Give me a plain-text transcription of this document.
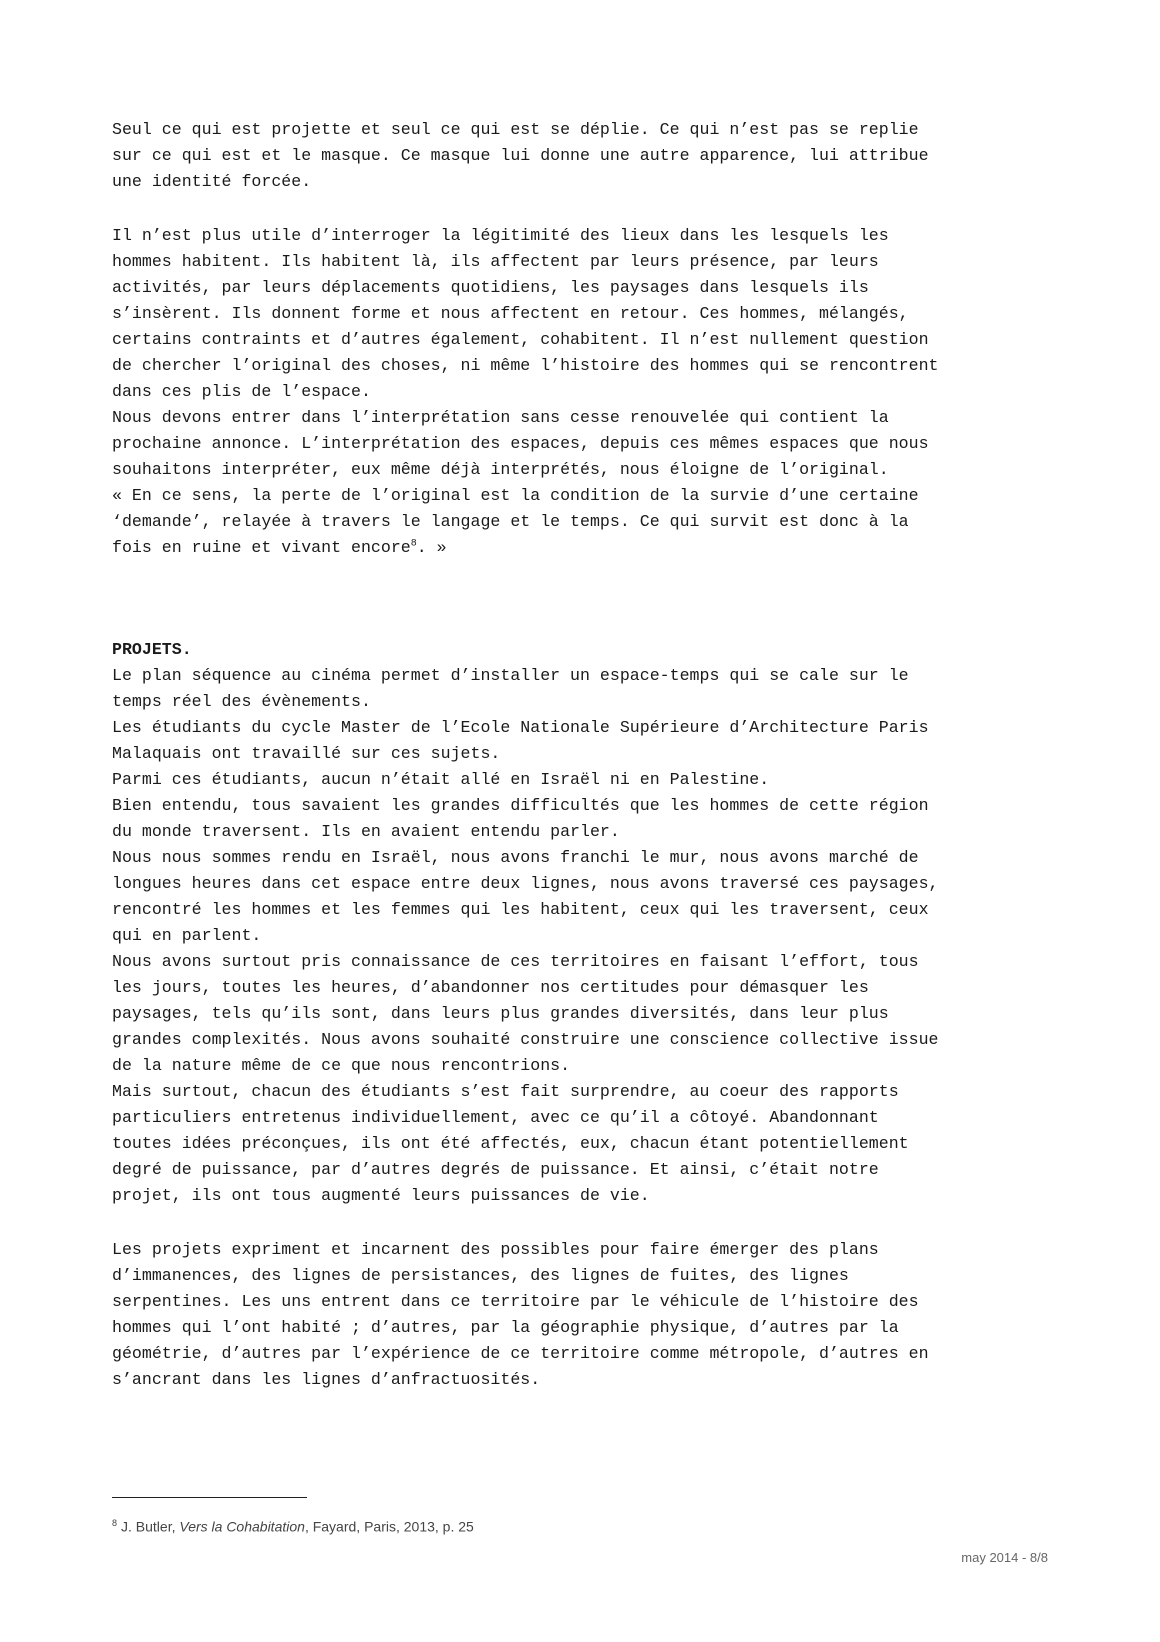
Seul ce qui est projette et seul ce qui est se déplie. Ce qui n’est pas se replie
sur ce qui est et le masque. Ce masque lui donne une autre apparence, lui attribue
une identité forcée.
Il n’est plus utile d’interroger la légitimité des lieux dans les lesquels les
hommes habitent. Ils habitent là, ils affectent par leurs présence, par leurs
activités, par leurs déplacements quotidiens, les paysages dans lesquels ils
s’insèrent. Ils donnent forme et nous affectent en retour. Ces hommes, mélangés,
certains contraints et d’autres également, cohabitent. Il n’est nullement question
de chercher l’original des choses, ni même l’histoire des hommes qui se rencontrent
dans ces plis de l’espace.
Nous devons entrer dans l’interprétation sans cesse renouvelée qui contient la
prochaine annonce. L’interprétation des espaces, depuis ces mêmes espaces que nous
souhaitons interpréter, eux même déjà interprétés, nous éloigne de l’original.
« En ce sens, la perte de l’original est la condition de la survie d’une certaine
‘demande’, relayée à travers le langage et le temps. Ce qui survit est donc à la
fois en ruine et vivant encore$^8$. »
PROJETS.
Le plan séquence au cinéma permet d’installer un espace-temps qui se cale sur le
temps réel des évènements.
Les étudiants du cycle Master de l’Ecole Nationale Supérieure d’Architecture Paris
Malaquais ont travaillé sur ces sujets.
Parmi ces étudiants, aucun n’était allé en Israël ni en Palestine.
Bien entendu, tous savaient les grandes difficultés que les hommes de cette région
du monde traversent. Ils en avaient entendu parler.
Nous nous sommes rendu en Israël, nous avons franchi le mur, nous avons marché de
longues heures dans cet espace entre deux lignes, nous avons traversé ces paysages,
rencontré les hommes et les femmes qui les habitent, ceux qui les traversent, ceux
qui en parlent.
Nous avons surtout pris connaissance de ces territoires en faisant l’effort, tous
les jours, toutes les heures, d’abandonner nos certitudes pour démasquer les
paysages, tels qu’ils sont, dans leurs plus grandes diversités, dans leur plus
grandes complexités. Nous avons souhaité construire une conscience collective issue
de la nature même de ce que nous rencontrions.
Mais surtout, chacun des étudiants s’est fait surprendre, au coeur des rapports
particuliers entretenus individuellement, avec ce qu’il a côtoyé. Abandonnant
toutes idées préconçues, ils ont été affectés, eux, chacun étant potentiellement
degré de puissance, par d’autres degrés de puissance. Et ainsi, c’était notre
projet, ils ont tous augmenté leurs puissances de vie.
Les projets expriment et incarnent des possibles pour faire émerger des plans
d’immanences, des lignes de persistances, des lignes de fuites, des lignes
serpentines. Les uns entrent dans ce territoire par le véhicule de l’histoire des
hommes qui l’ont habité ; d’autres, par la géographie physique, d’autres par la
géométrie, d’autres par l’expérience de ce territoire comme métropole, d’autres en
s’ancrant dans les lignes d’anfractuosités.
$^8$ J. Butler, Vers la Cohabitation, Fayard, Paris, 2013, p. 25
may 2014 - 8/8
